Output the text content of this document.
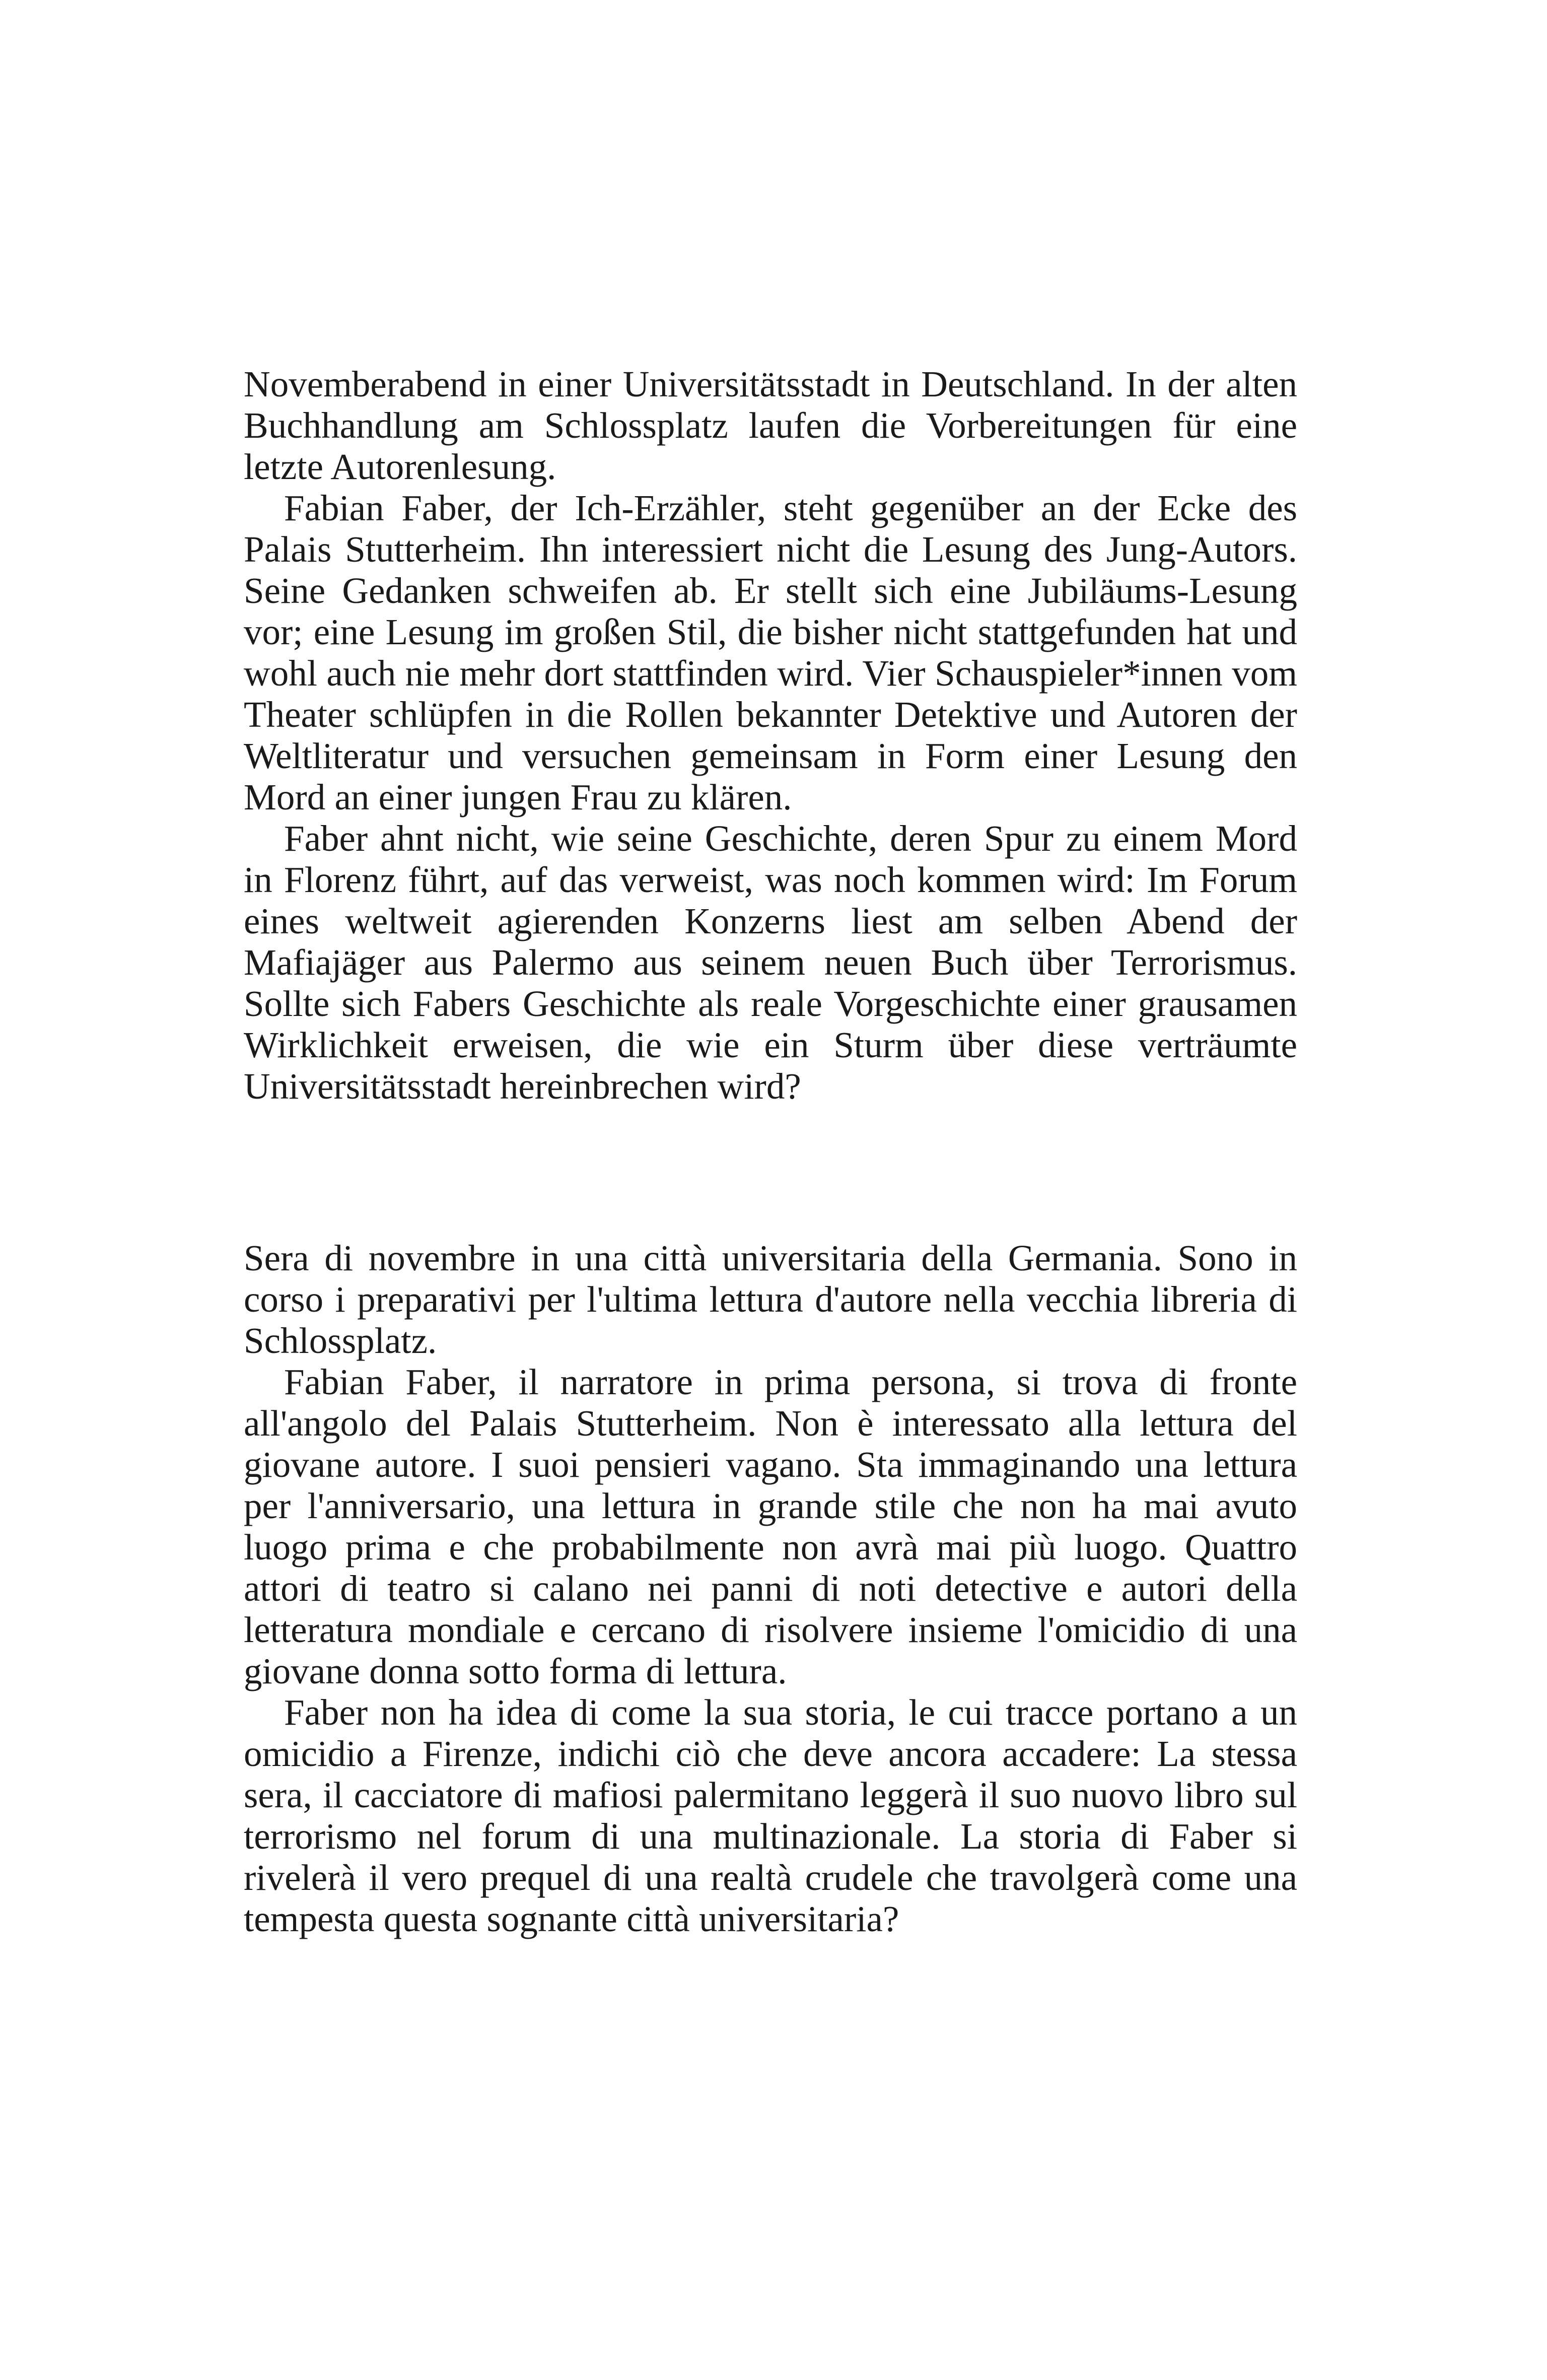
Novemberabend in einer Universitätsstadt in Deutschland. In der alten Buchhandlung am Schlossplatz laufen die Vorbereitungen für eine letzte Autorenlesung.

Fabian Faber, der Ich-Erzähler, steht gegenüber an der Ecke des Palais Stutterheim. Ihn interessiert nicht die Lesung des Jung-Autors. Seine Gedanken schweifen ab. Er stellt sich eine Jubiläums-Lesung vor; eine Lesung im großen Stil, die bisher nicht stattgefunden hat und wohl auch nie mehr dort stattfinden wird. Vier Schauspieler*innen vom Theater schlüpfen in die Rollen bekannter Detektive und Autoren der Weltliteratur und versuchen gemeinsam in Form einer Lesung den Mord an einer jungen Frau zu klären.

Faber ahnt nicht, wie seine Geschichte, deren Spur zu einem Mord in Florenz führt, auf das verweist, was noch kommen wird: Im Forum eines weltweit agierenden Konzerns liest am selben Abend der Mafiajäger aus Palermo aus seinem neuen Buch über Terrorismus. Sollte sich Fabers Geschichte als reale Vorgeschichte einer grausamen Wirklichkeit erweisen, die wie ein Sturm über diese verträumte Universitätsstadt hereinbrechen wird?

Sera di novembre in una città universitaria della Germania. Sono in corso i preparativi per l'ultima lettura d'autore nella vecchia libreria di Schlossplatz.

Fabian Faber, il narratore in prima persona, si trova di fronte all'angolo del Palais Stutterheim. Non è interessato alla lettura del giovane autore. I suoi pensieri vagano. Sta immaginando una lettura per l'anniversario, una lettura in grande stile che non ha mai avuto luogo prima e che probabilmente non avrà mai più luogo. Quattro attori di teatro si calano nei panni di noti detective e autori della letteratura mondiale e cercano di risolvere insieme l'omicidio di una giovane donna sotto forma di lettura.

Faber non ha idea di come la sua storia, le cui tracce portano a un omicidio a Firenze, indichi ciò che deve ancora accadere: La stessa sera, il cacciatore di mafiosi palermitano leggerà il suo nuovo libro sul terrorismo nel forum di una multinazionale. La storia di Faber si rivelerà il vero prequel di una realtà crudele che travolgerà come una tempesta questa sognante città universitaria?
